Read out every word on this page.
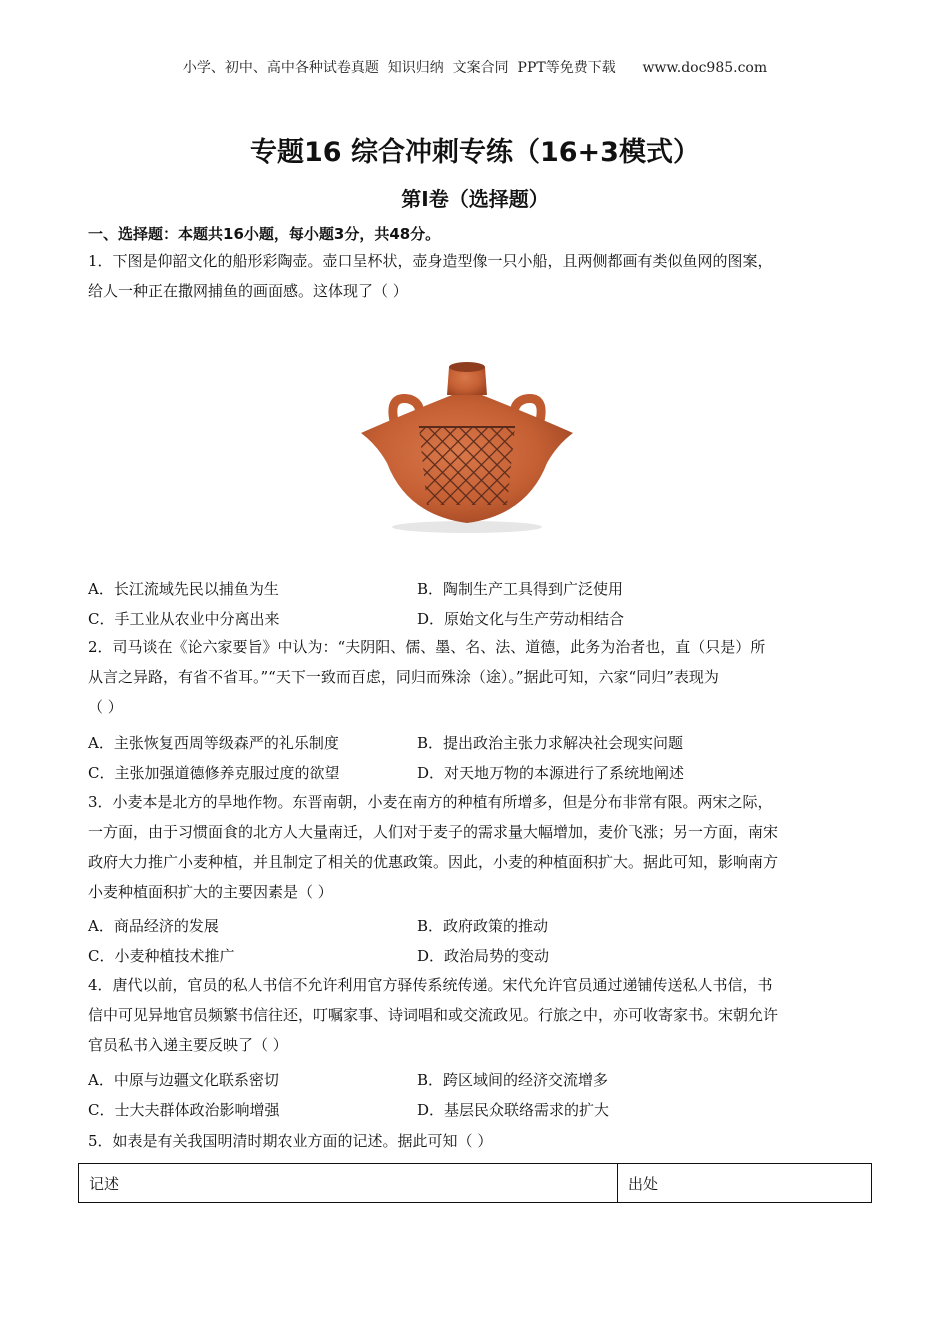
小学、初中、高中各种试卷真题  知识归纳  文案合同  PPT等免费下载 www.doc985.com
专题16 综合冲刺专练（16+3模式）
第I卷（选择题）
一、选择题：本题共16小题，每小题3分，共48分。
1．下图是仰韶文化的船形彩陶壶。壶口呈杯状，壶身造型像一只小船，且两侧都画有类似鱼网的图案，
给人一种正在撒网捕鱼的画面感。这体现了（ ）
A．长江流域先民以捕鱼为生	B．陶制生产工具得到广泛使用
C．手工业从农业中分离出来	D．原始文化与生产劳动相结合
2．司马谈在《论六家要旨》中认为：“夫阴阳、儒、墨、名、法、道德，此务为治者也，直（只是）所
从言之异路，有省不省耳。”“天下一致而百虑，同归而殊涂（途）。”据此可知，六家“同归”表现为
（ ）
A．主张恢复西周等级森严的礼乐制度	B．提出政治主张力求解决社会现实问题
C．主张加强道德修养克服过度的欲望	D．对天地万物的本源进行了系统地阐述
3．小麦本是北方的旱地作物。东晋南朝，小麦在南方的种植有所增多，但是分布非常有限。两宋之际，
一方面，由于习惯面食的北方人大量南迁，人们对于麦子的需求量大幅增加，麦价飞涨；另一方面，南宋
政府大力推广小麦种植，并且制定了相关的优惠政策。因此，小麦的种植面积扩大。据此可知，影响南方
小麦种植面积扩大的主要因素是（ ）
A．商品经济的发展	B．政府政策的推动
C．小麦种植技术推广	D．政治局势的变动
4．唐代以前，官员的私人书信不允许利用官方驿传系统传递。宋代允许官员通过递铺传送私人书信，书
信中可见异地官员频繁书信往还，叮嘱家事、诗词唱和或交流政见。行旅之中，亦可收寄家书。宋朝允许
官员私书入递主要反映了（ ）
A．中原与边疆文化联系密切	B．跨区域间的经济交流增多
C．士大夫群体政治影响增强	D．基层民众联络需求的扩大
5．如表是有关我国明清时期农业方面的记述。据此可知（ ）
记述	出处
